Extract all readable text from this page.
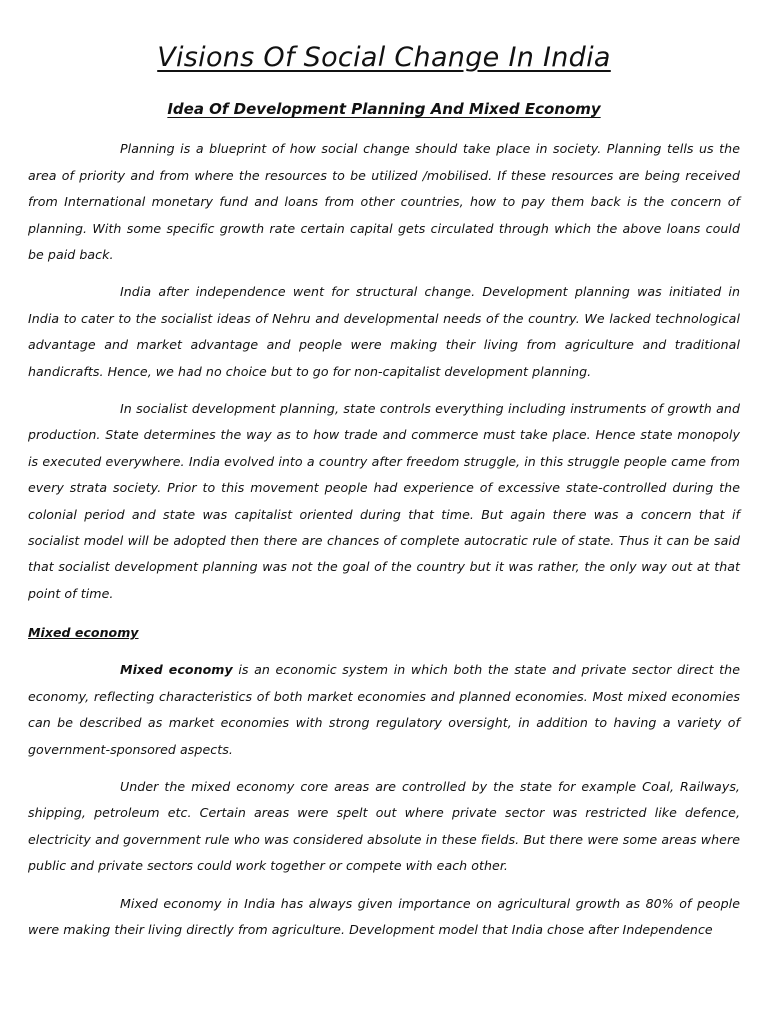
Visions Of Social Change In India
Idea Of Development Planning And Mixed Economy

Planning is a blueprint of how social change should take place in society. Planning tells us the area of priority and from where the resources to be utilized /mobilised. If these resources are being received from International monetary fund and loans from other countries, how to pay them back is the concern of planning. With some specific growth rate certain capital gets circulated through which the above loans could be paid back.

India after independence went for structural change. Development planning was initiated in India to cater to the socialist ideas of Nehru and developmental needs of the country. We lacked technological advantage and market advantage and people were making their living from agriculture and traditional handicrafts. Hence, we had no choice but to go for non-capitalist development planning.

In socialist development planning, state controls everything including instruments of growth and production. State determines the way as to how trade and commerce must take place. Hence state monopoly is executed everywhere. India evolved into a country after freedom struggle, in this struggle people came from every strata society. Prior to this movement people had experience of excessive state-controlled during the colonial period and state was capitalist oriented during that time. But again there was a concern that if socialist model will be adopted then there are chances of complete autocratic rule of state. Thus it can be said that socialist development planning was not the goal of the country but it was rather, the only way out at that point of time.

Mixed economy

Mixed economy is an economic system in which both the state and private sector direct the economy, reflecting characteristics of both market economies and planned economies. Most mixed economies can be described as market economies with strong regulatory oversight, in addition to having a variety of government-sponsored aspects.

Under the mixed economy core areas are controlled by the state for example Coal, Railways, shipping, petroleum etc. Certain areas were spelt out where private sector was restricted like defence, electricity and government rule who was considered absolute in these fields. But there were some areas where public and private sectors could work together or compete with each other.

Mixed economy in India has always given importance on agricultural growth as 80% of people were making their living directly from agriculture. Development model that India chose after Independence
